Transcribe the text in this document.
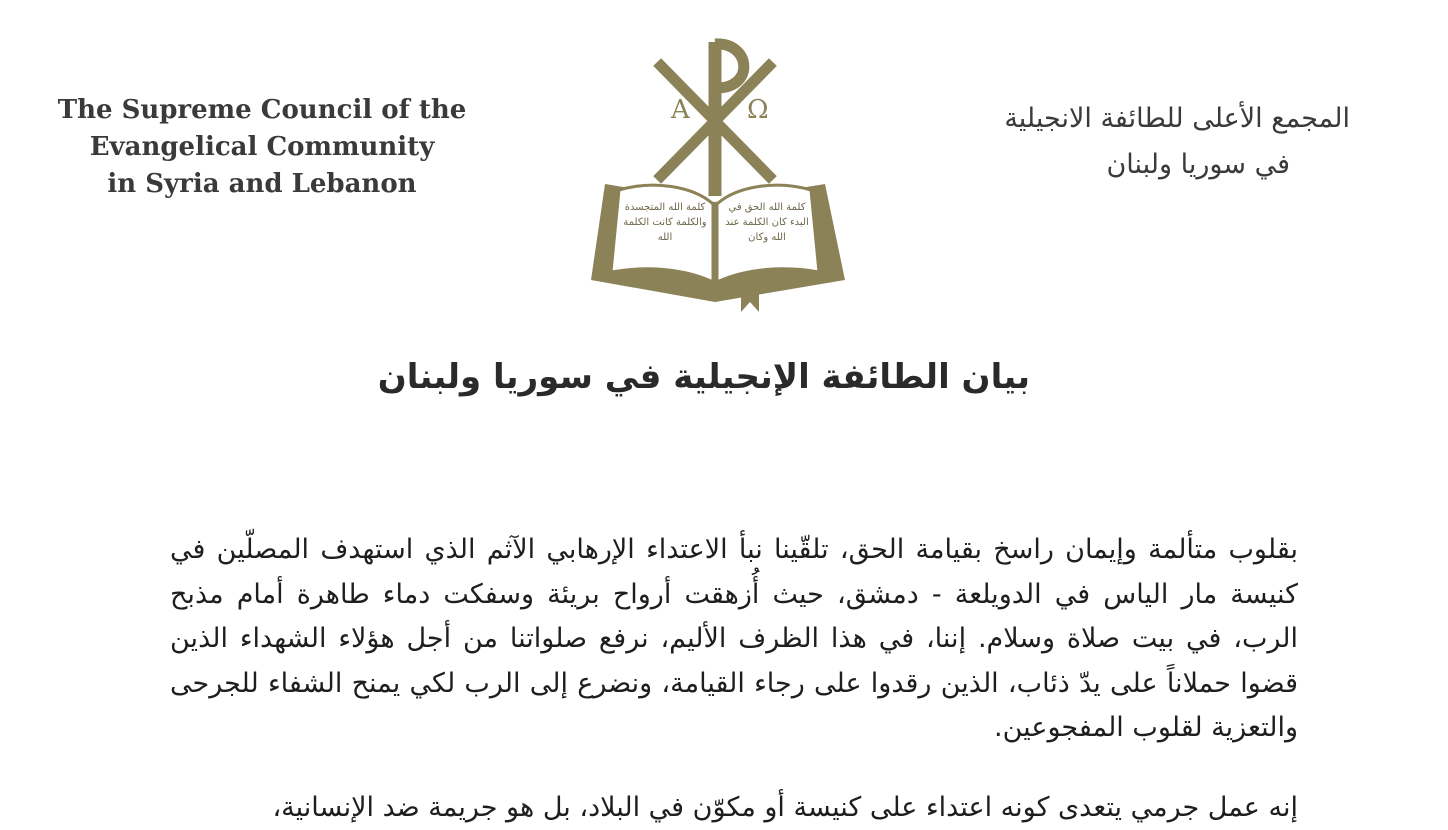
The Supreme Council of the
Evangelical Community
in Syria and Lebanon
المجمع الأعلى للطائفة الانجيلية
في سوريا ولبنان
A Ω
كلمة الله المتجسدة والكلمة كانت الكلمة الله
كلمة الله الحق في البدء كان الكلمة عند الله وكان
بيان الطائفة الإنجيلية في سوريا ولبنان
بقلوب متألمة وإيمان راسخ بقيامة الحق، تلقّينا نبأ الاعتداء الإرهابي الآثم الذي استهدف المصلّين في كنيسة مار الياس في الدويلعة - دمشق، حيث أُزهقت أرواح بريئة وسفكت دماء طاهرة أمام مذبح الرب، في بيت صلاة وسلام. إننا، في هذا الظرف الأليم، نرفع صلواتنا من أجل هؤلاء الشهداء الذين قضوا حملاناً على يدّ ذئاب، الذين رقدوا على رجاء القيامة، ونضرع إلى الرب لكي يمنح الشفاء للجرحى والتعزية لقلوب المفجوعين.
إنه عمل جرمي يتعدى كونه اعتداء على كنيسة أو مكوّن في البلاد، بل هو جريمة ضد الإنسانية،
